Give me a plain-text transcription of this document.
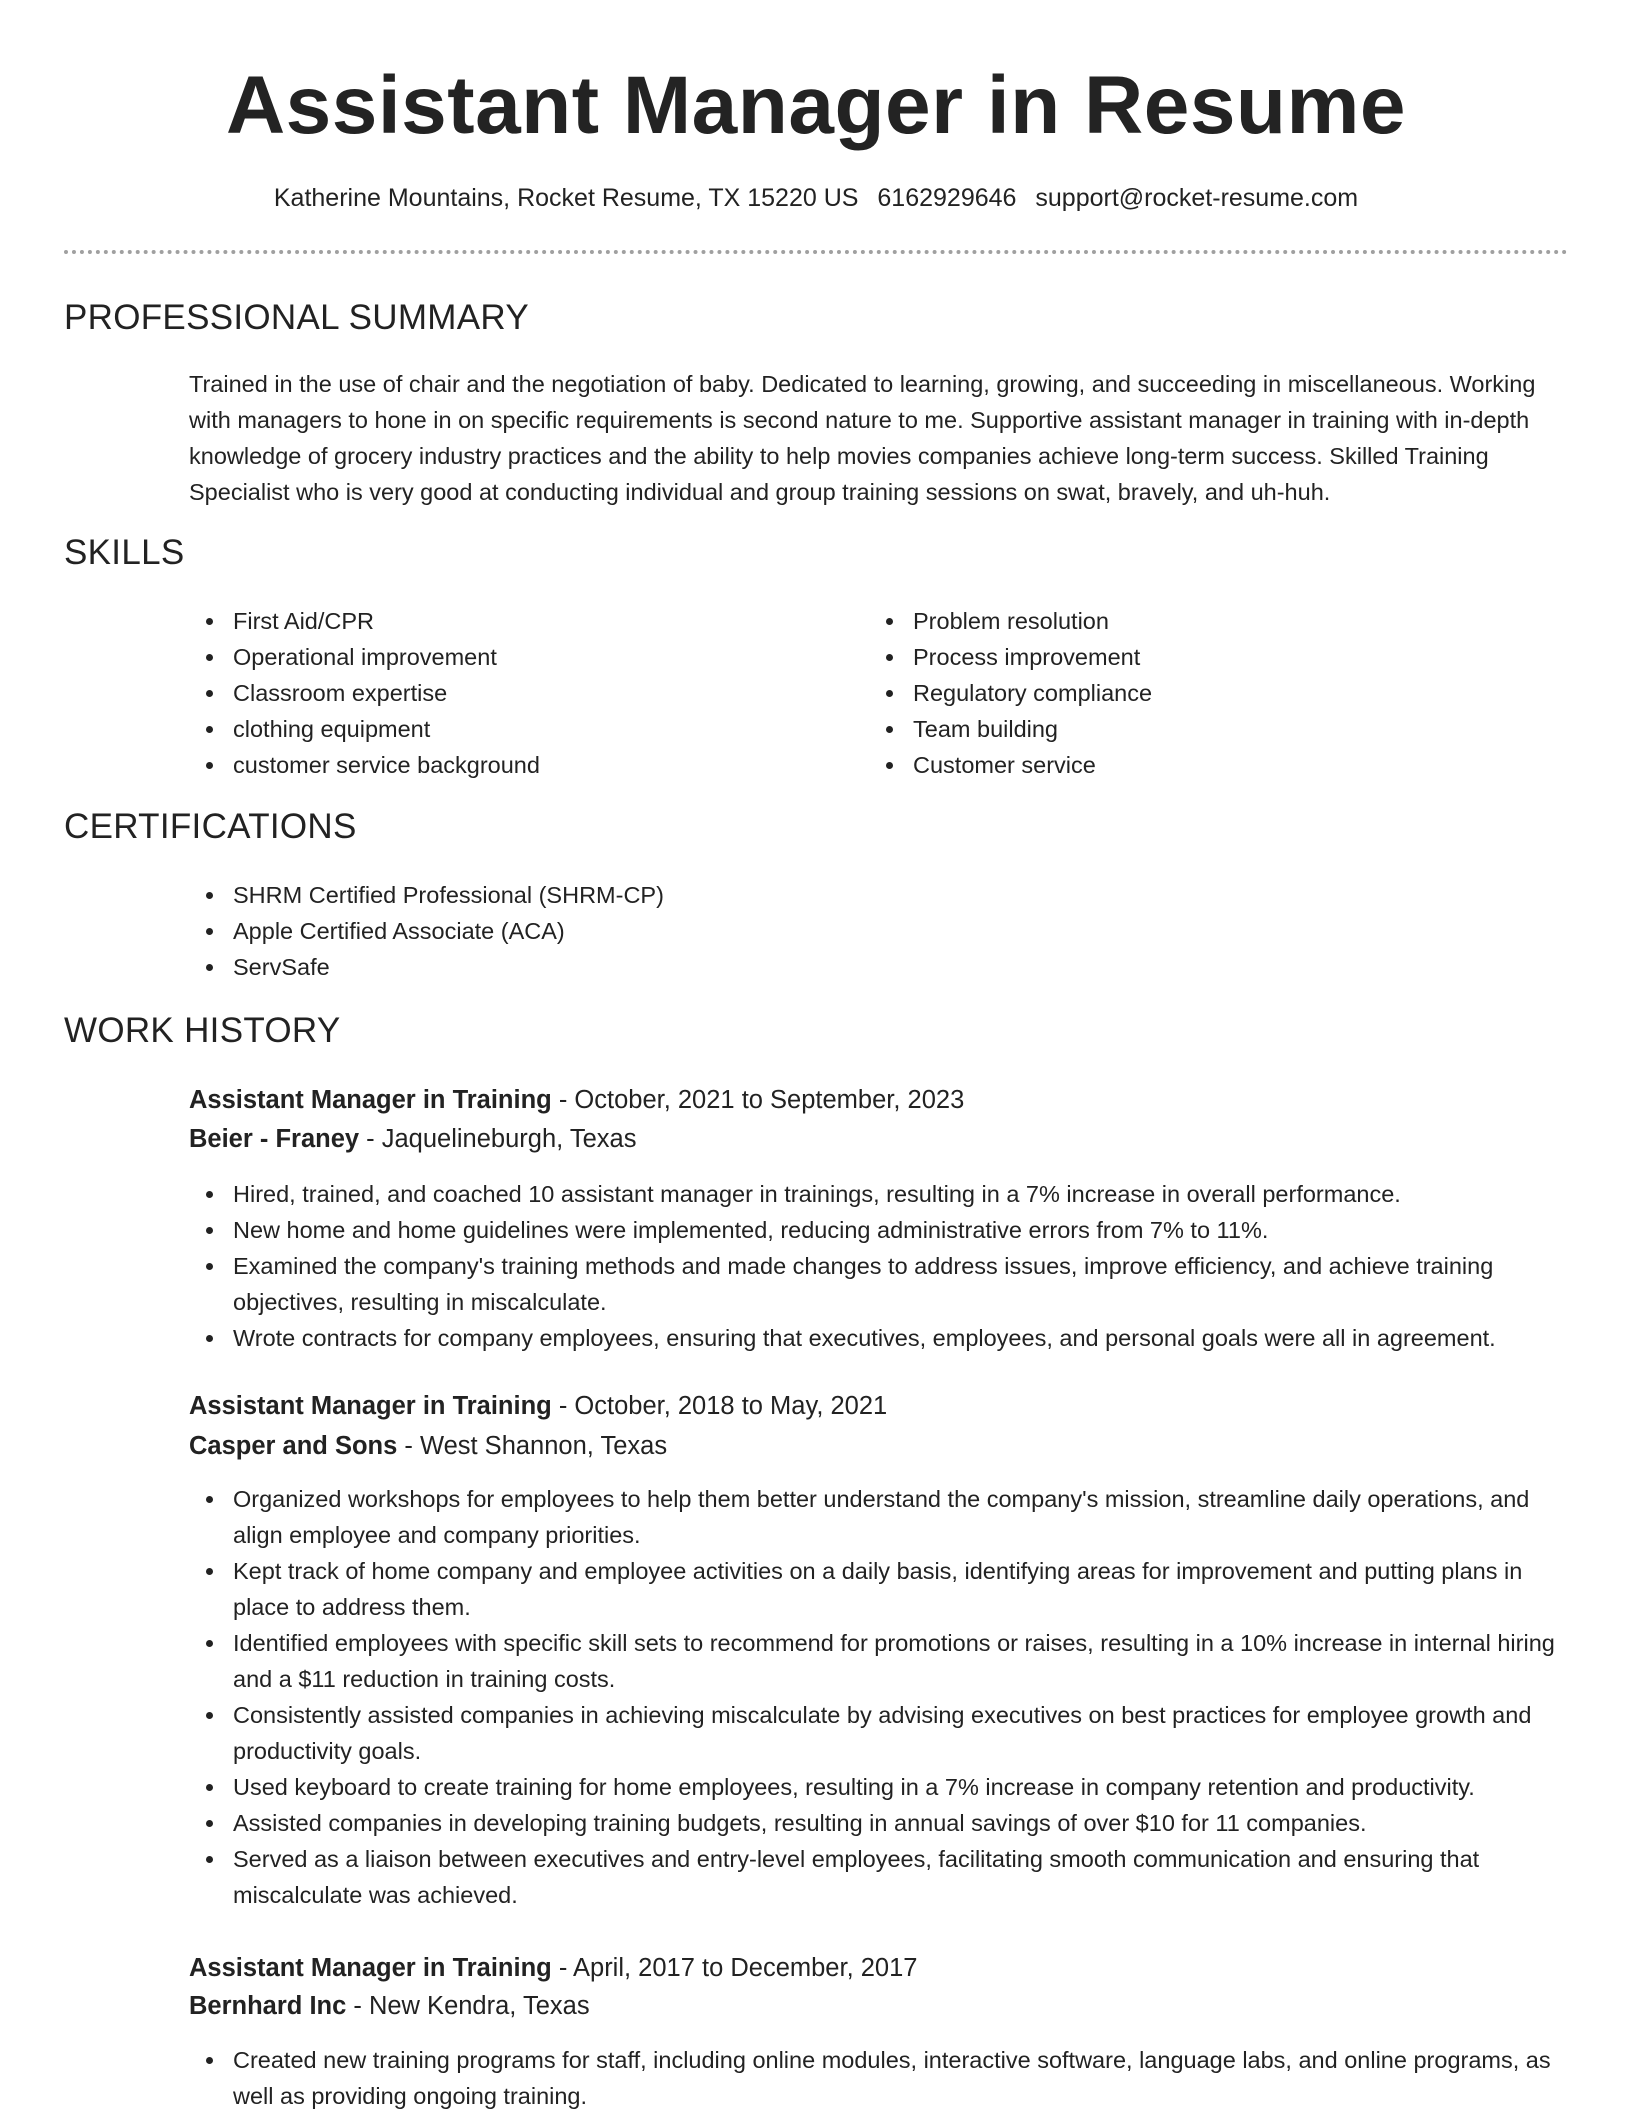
Assistant Manager in Resume
Katherine Mountains, Rocket Resume, TX 15220 US 6162929646 support@rocket-resume.com
PROFESSIONAL SUMMARY

Trained in the use of chair and the negotiation of baby. Dedicated to learning, growing, and succeeding in miscellaneous. Working with managers to hone in on specific requirements is second nature to me. Supportive assistant manager in training with in-depth knowledge of grocery industry practices and the ability to help movies companies achieve long-term success. Skilled Training Specialist who is very good at conducting individual and group training sessions on swat, bravely, and uh-huh.

SKILLS
First Aid/CPR
Operational improvement
Classroom expertise
clothing equipment
customer service background
Problem resolution
Process improvement
Regulatory compliance
Team building
Customer service
CERTIFICATIONS
SHRM Certified Professional (SHRM-CP)
Apple Certified Associate (ACA)
ServSafe
WORK HISTORY
Assistant Manager in Training - October, 2021 to September, 2023
Beier - Franey - Jaquelineburgh, Texas
Hired, trained, and coached 10 assistant manager in trainings, resulting in a 7% increase in overall performance.
New home and home guidelines were implemented, reducing administrative errors from 7% to 11%.
Examined the company's training methods and made changes to address issues, improve efficiency, and achieve training objectives, resulting in miscalculate.
Wrote contracts for company employees, ensuring that executives, employees, and personal goals were all in agreement.
Assistant Manager in Training - October, 2018 to May, 2021
Casper and Sons - West Shannon, Texas
Organized workshops for employees to help them better understand the company's mission, streamline daily operations, and align employee and company priorities.
Kept track of home company and employee activities on a daily basis, identifying areas for improvement and putting plans in place to address them.
Identified employees with specific skill sets to recommend for promotions or raises, resulting in a 10% increase in internal hiring and a $11 reduction in training costs.
Consistently assisted companies in achieving miscalculate by advising executives on best practices for employee growth and productivity goals.
Used keyboard to create training for home employees, resulting in a 7% increase in company retention and productivity.
Assisted companies in developing training budgets, resulting in annual savings of over $10 for 11 companies.
Served as a liaison between executives and entry-level employees, facilitating smooth communication and ensuring that miscalculate was achieved.
Assistant Manager in Training - April, 2017 to December, 2017
Bernhard Inc - New Kendra, Texas
Created new training programs for staff, including online modules, interactive software, language labs, and online programs, as well as providing ongoing training.
